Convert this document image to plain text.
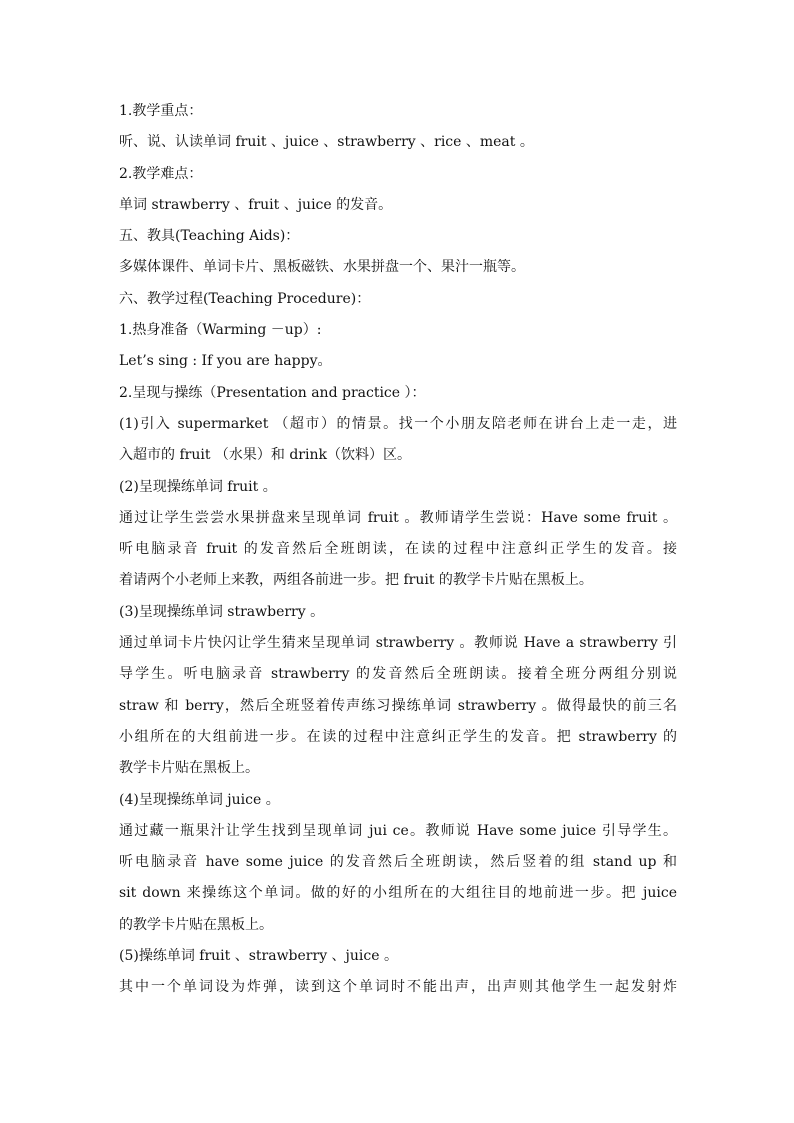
1.教学重点：
听、说、认读单词 fruit 、juice 、strawberry 、rice 、meat 。
2.教学难点：
单词 strawberry 、fruit 、juice 的发音。
五、教具(Teaching Aids)：
多媒体课件、单词卡片、黑板磁铁、水果拼盘一个、果汁一瓶等。
六、教学过程(Teaching Procedure)：
1.热身准备（Warming －up）:
Let’s sing : If you are happy。
2.呈现与操练（Presentation and practice ）：
(1)引入 supermarket （超市）的情景。找一个小朋友陪老师在讲台上走一走，进
入超市的 fruit （水果）和 drink（饮料）区。
(2)呈现操练单词 fruit 。
通过让学生尝尝水果拼盘来呈现单词 fruit 。教师请学生尝说：Have some fruit 。
听电脑录音 fruit 的发音然后全班朗读，在读的过程中注意纠正学生的发音。接
着请两个小老师上来教，两组各前进一步。把 fruit 的教学卡片贴在黑板上。
(3)呈现操练单词 strawberry 。
通过单词卡片快闪让学生猜来呈现单词 strawberry 。教师说 Have a strawberry 引
导学生。听电脑录音 strawberry 的发音然后全班朗读。接着全班分两组分别说
straw 和 berry，然后全班竖着传声练习操练单词 strawberry 。做得最快的前三名
小组所在的大组前进一步。在读的过程中注意纠正学生的发音。把 strawberry 的
教学卡片贴在黑板上。
(4)呈现操练单词 juice 。
通过藏一瓶果汁让学生找到呈现单词 jui ce。教师说 Have some juice 引导学生。
听电脑录音 have some juice 的发音然后全班朗读，然后竖着的组 stand up 和
sit down 来操练这个单词。做的好的小组所在的大组往目的地前进一步。把 juice
的教学卡片贴在黑板上。
(5)操练单词 fruit 、strawberry 、juice 。
其中一个单词设为炸弹，读到这个单词时不能出声，出声则其他学生一起发射炸
